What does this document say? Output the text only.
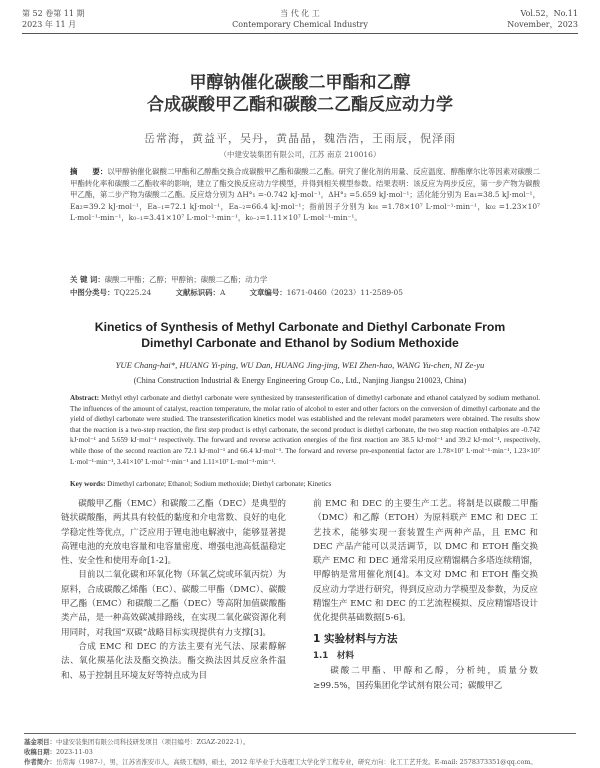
第 52 卷第 11 期
2023 年 11 月
当 代 化 工
Contemporary Chemical Industry
Vol.52，No.11
November，2023
甲醇钠催化碳酸二甲酯和乙醇
合成碳酸甲乙酯和碳酸二乙酯反应动力学
岳常海，黄益平，吴丹，黄晶晶，魏浩浩，王雨辰，倪泽雨
（中建安装集团有限公司，江苏 南京 210016）
摘　　要：以甲醇钠催化碳酸二甲酯和乙醇酯交换合成碳酸甲乙酯和碳酸二乙酯。研究了催化剂的用量、反应温度、醇酯摩尔比等因素对碳酸二甲酯转化率和碳酸二乙酯收率的影响，建立了酯交换反应动力学模型，并得到相关模型参数。结果表明：该反应为两步反应，第一步产物为碳酸甲乙酯，第二步产物为碳酸二乙酯。反应焓分别为 ΔH°₁ =-0.742 kJ·mol⁻¹，ΔH°₂ =5.659 kJ·mol⁻¹；活化能分别为 Ea₁=38.5 kJ·mol⁻¹，Ea₂=39.2 kJ·mol⁻¹，Ea₋₁=72.1 kJ·mol⁻¹，Ea₋₂=66.4 kJ·mol⁻¹；指前因子分别为 k₀₁ =1.78×10⁷ L·mol⁻¹·min⁻¹，k₀₂ =1.23×10⁷ L·mol⁻¹·min⁻¹，k₀₋₁=3.41×10⁷ L·mol⁻¹·min⁻¹，k₀₋₂=1.11×10⁷ L·mol⁻¹·min⁻¹。
关 键 词：碳酸二甲酯；乙醇；甲醇钠；碳酸二乙酯；动力学
中图分类号：TQ225.24	文献标识码：A	文章编号：1671-0460（2023）11-2589-05
Kinetics of Synthesis of Methyl Carbonate and Diethyl Carbonate From
Dimethyl Carbonate and Ethanol by Sodium Methoxide
YUE Chang-hai*, HUANG Yi-ping, WU Dan, HUANG Jing-jing, WEI Zhen-hao, WANG Yu-chen, NI Ze-yu
(China Construction Industrial & Energy Engineering Group Co., Ltd., Nanjing Jiangsu 210023, China)
Abstract: Methyl ethyl carbonate and diethyl carbonate were synthesized by transesterification of dimethyl carbonate and ethanol catalyzed by sodium methanol. The influences of the amount of catalyst, reaction temperature, the molar ratio of alcohol to ester and other factors on the conversion of dimethyl carbonate and the yield of diethyl carbonate were studied. The transesterification kinetics model was established and the relevant model parameters were obtained. The results show that the reaction is a two-step reaction, the first step product is ethyl carbonate, the second product is diethyl carbonate, the two step reaction enthalpies are -0.742 kJ·mol⁻¹ and 5.659 kJ·mol⁻¹ respectively. The forward and reverse activation energies of the first reaction are 38.5 kJ·mol⁻¹ and 39.2 kJ·mol⁻¹, respectively, while those of the second reaction are 72.1 kJ·mol⁻¹ and 66.4 kJ·mol⁻¹. The forward and reverse pre-exponential factor are 1.78×10⁷ L·mol⁻¹·min⁻¹, 1.23×10⁷ L·mol⁻¹·min⁻¹, 3.41×10⁷ L·mol⁻¹·min⁻¹ and 1.11×10⁷ L·mol⁻¹·min⁻¹.
Key words: Dimethyl carbonate; Ethanol; Sodium methoxide; Diethyl carbonate; Kinetics

碳酸甲乙酯（EMC）和碳酸二乙酯（DEC）是典型的链状碳酸酯，两其具有较低的黏度和介电常数、良好的电化学稳定性等优点，广泛应用于锂电池电解液中，能够显著提高锂电池的充放电容量和电容量密度、增强电池高低温稳定性、安全性和使用寿命[1-2]。

目前以二氧化碳和环氧化物（环氧乙烷或环氧丙烷）为原料，合成碳酸乙烯酯（EC）、碳酸二甲酯（DMC）、碳酸甲乙酯（EMC）和碳酸二乙酯（DEC）等高附加值碳酸酯类产品，是一种高效碳减排路线，在实现二氧化碳资源化利用同时，对我国“双碳”战略目标实现提供有力支撑[3]。

合成 EMC 和 DEC 的方法主要有光气法、尿素醇解法、氧化羰基化法及酯交换法。酯交换法因其反应条件温和、易于控制且环境友好等特点成为目

前 EMC 和 DEC 的主要生产工艺。将制是以碳酸二甲酯（DMC）和乙醇（ETOH）为原料联产 EMC 和 DEC 工艺技术，能够实现一套装置生产两种产品，且 EMC 和 DEC 产品产能可以灵活调节，以 DMC 和 ETOH 酯交换联产 EMC 和 DEC 通常采用反应精馏耦合多塔连续精馏，甲醇钠是常用催化剂[4]。本文对 DMC 和 ETOH 酯交换反应动力学进行研究，得到反应动力学模型及参数，为反应精馏生产 EMC 和 DEC 的工艺流程模拟、反应精馏塔设计优化提供基础数据[5-6]。

1 实验材料与方法
1.1　材料

碳酸二甲酯、甲醇和乙醇，分析纯，质量分数≥99.5%，国药集团化学试剂有限公司；碳酸甲乙

基金项目：中建安装集团有限公司科技研发项目（项目编号：ZGAZ-2022-1）。
收稿日期：2023-11-03
作者简介：岳常海（1987-），男，江苏省淮安市人，高级工程师，硕士，2012 年毕业于大连理工大学化学工程专业，研究方向：化工工艺开发。E-mail: 2578373351@qq.com。
